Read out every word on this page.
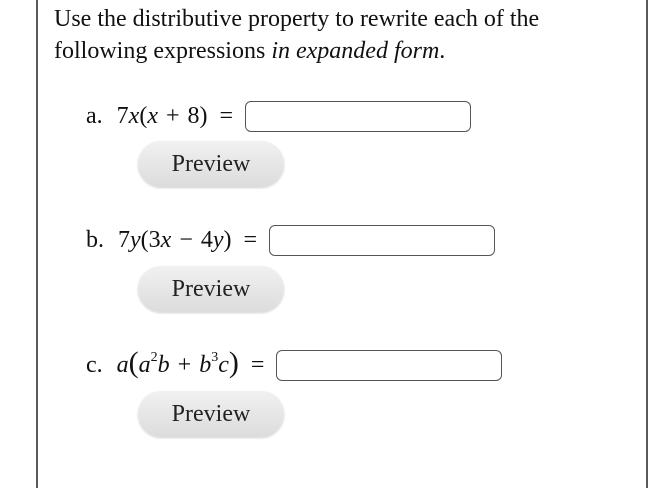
Use the distributive property to rewrite each of the
following expressions in expanded form.
a. 7x(x + 8) =
Preview
b. 7y(3x − 4y) =
Preview
c. $a(a^2b + b^3c)$ =
Preview
